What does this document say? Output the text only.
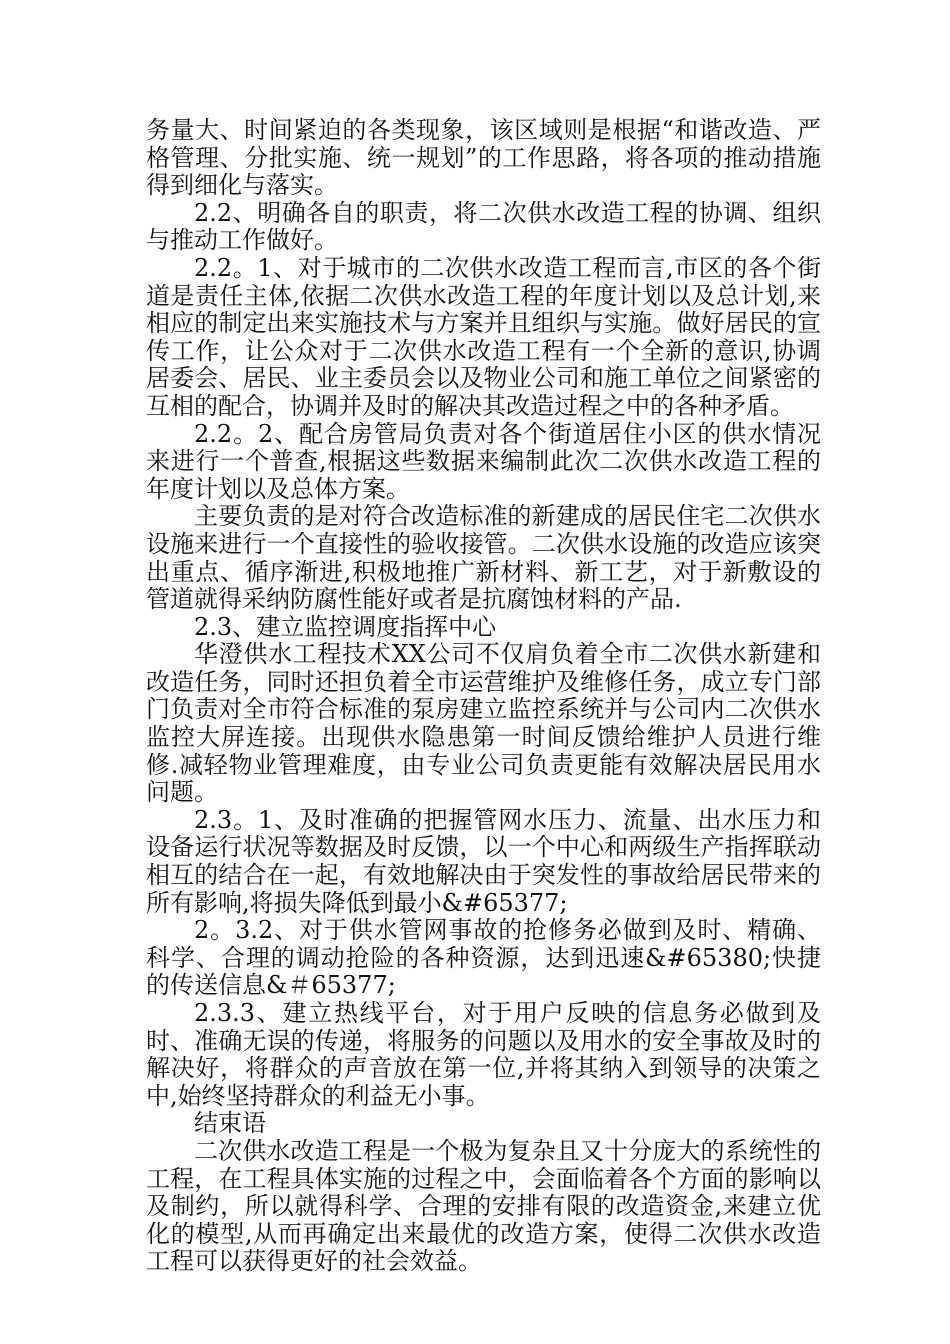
务量大、时间紧迫的各类现象，该区域则是根据“和谐改造、严格管理、分批实施、统一规划”的工作思路，将各项的推动措施得到细化与落实。

2.2、明确各自的职责，将二次供水改造工程的协调、组织与推动工作做好。

2.2。1、对于城市的二次供水改造工程而言,市区的各个街道是责任主体,依据二次供水改造工程的年度计划以及总计划,来相应的制定出来实施技术与方案并且组织与实施。做好居民的宣传工作，让公众对于二次供水改造工程有一个全新的意识,协调居委会、居民、业主委员会以及物业公司和施工单位之间紧密的互相的配合，协调并及时的解决其改造过程之中的各种矛盾。

2.2。2、配合房管局负责对各个街道居住小区的供水情况来进行一个普查,根据这些数据来编制此次二次供水改造工程的年度计划以及总体方案。

主要负责的是对符合改造标准的新建成的居民住宅二次供水设施来进行一个直接性的验收接管。二次供水设施的改造应该突出重点、循序渐进,积极地推广新材料、新工艺，对于新敷设的管道就得采纳防腐性能好或者是抗腐蚀材料的产品.

2.3、建立监控调度指挥中心

华澄供水工程技术XX公司不仅肩负着全市二次供水新建和改造任务，同时还担负着全市运营维护及维修任务，成立专门部门负责对全市符合标准的泵房建立监控系统并与公司内二次供水监控大屏连接。出现供水隐患第一时间反馈给维护人员进行维修.减轻物业管理难度，由专业公司负责更能有效解决居民用水问题。

2.3。1、及时准确的把握管网水压力、流量、出水压力和设备运行状况等数据及时反馈，以一个中心和两级生产指挥联动相互的结合在一起，有效地解决由于突发性的事故给居民带来的所有影响,将损失降低到最小&#65377;

2。3.2、对于供水管网事故的抢修务必做到及时、精确、科学、合理的调动抢险的各种资源，达到迅速&#65380;快捷的传送信息&＃65377;

2.3.3、建立热线平台，对于用户反映的信息务必做到及时、准确无误的传递，将服务的问题以及用水的安全事故及时的解决好，将群众的声音放在第一位,并将其纳入到领导的决策之中,始终坚持群众的利益无小事。

结束语

二次供水改造工程是一个极为复杂且又十分庞大的系统性的工程，在工程具体实施的过程之中，会面临着各个方面的影响以及制约，所以就得科学、合理的安排有限的改造资金,来建立优化的模型,从而再确定出来最优的改造方案，使得二次供水改造工程可以获得更好的社会效益。
